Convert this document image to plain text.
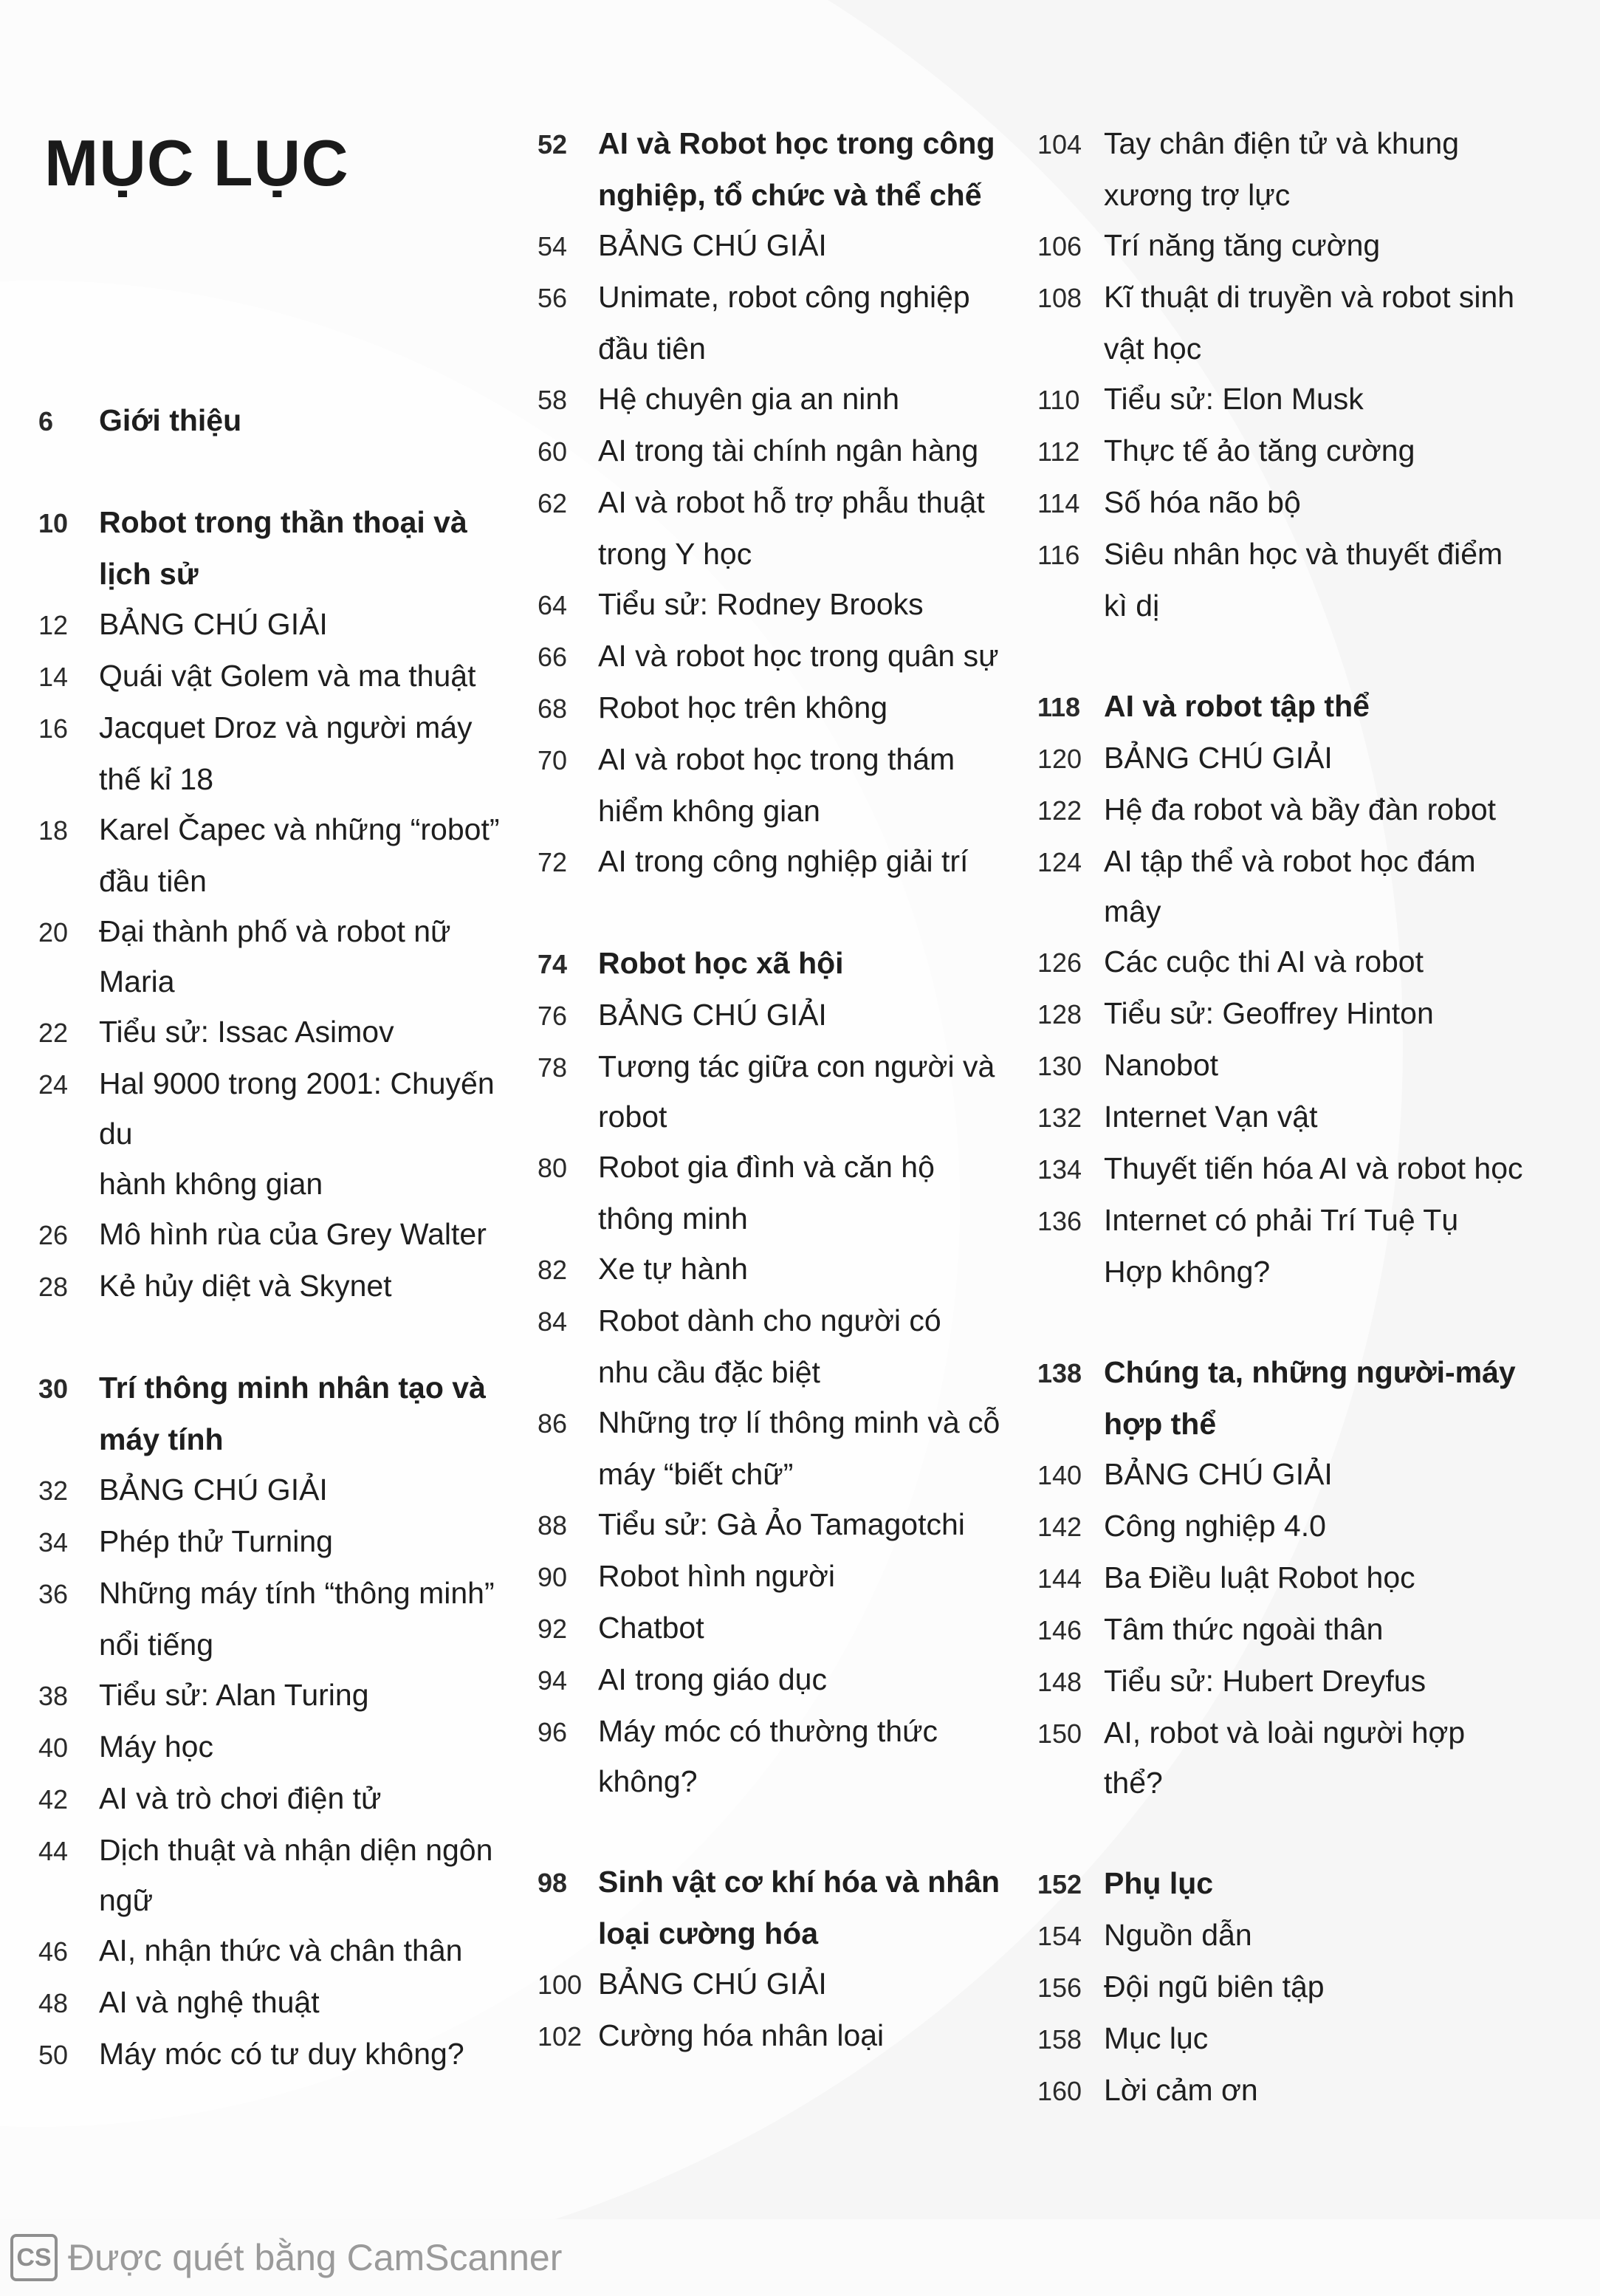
MỤC LỤC
6	Giới thiệu
10	Robot trong thần thoại và
lịch sử
12	BẢNG CHÚ GIẢI
14	Quái vật Golem và ma thuật
16	Jacquet Droz và người máy
thế kỉ 18
18	Karel Čapec và những “robot”
đầu tiên
20	Đại thành phố và robot nữ Maria
22	Tiểu sử: Issac Asimov
24	Hal 9000 trong 2001: Chuyến du
hành không gian
26	Mô hình rùa của Grey Walter
28	Kẻ hủy diệt và Skynet
30	Trí thông minh nhân tạo và
máy tính
32	BẢNG CHÚ GIẢI
34	Phép thử Turning
36	Những máy tính “thông minh”
nổi tiếng
38	Tiểu sử: Alan Turing
40	Máy học
42	AI và trò chơi điện tử
44	Dịch thuật và nhận diện ngôn ngữ
46	AI, nhận thức và chân thân
48	AI và nghệ thuật
50	Máy móc có tư duy không?
52	AI và Robot học trong công
nghiệp, tổ chức và thể chế
54	BẢNG CHÚ GIẢI
56	Unimate, robot công nghiệp
đầu tiên
58	Hệ chuyên gia an ninh
60	AI trong tài chính ngân hàng
62	AI và robot hỗ trợ phẫu thuật
trong Y học
64	Tiểu sử: Rodney Brooks
66	AI và robot học trong quân sự
68	Robot học trên không
70	AI và robot học trong thám
hiểm không gian
72	AI trong công nghiệp giải trí
74	Robot học xã hội
76	BẢNG CHÚ GIẢI
78	Tương tác giữa con người và robot
80	Robot gia đình và căn hộ
thông minh
82	Xe tự hành
84	Robot dành cho người có
nhu cầu đặc biệt
86	Những trợ lí thông minh và cỗ
máy “biết chữ”
88	Tiểu sử: Gà Ảo Tamagotchi
90	Robot hình người
92	Chatbot
94	AI trong giáo dục
96	Máy móc có thường thức không?
98	Sinh vật cơ khí hóa và nhân
loại cường hóa
100 BẢNG CHÚ GIẢI
102 Cường hóa nhân loại
104 Tay chân điện tử và khung
xương trợ lực
106 Trí năng tăng cường
108 Kĩ thuật di truyền và robot sinh
vật học
110 Tiểu sử: Elon Musk
112 Thực tế ảo tăng cường
114 Số hóa não bộ
116 Siêu nhân học và thuyết điểm
kì dị
118 AI và robot tập thể
120 BẢNG CHÚ GIẢI
122 Hệ đa robot và bầy đàn robot
124 AI tập thể và robot học đám mây
126 Các cuộc thi AI và robot
128 Tiểu sử: Geoffrey Hinton
130 Nanobot
132 Internet Vạn vật
134 Thuyết tiến hóa AI và robot học
136 Internet có phải Trí Tuệ Tụ
Hợp không?
138 Chúng ta, những người-máy
hợp thể
140 BẢNG CHÚ GIẢI
142 Công nghiệp 4.0
144 Ba Điều luật Robot học
146 Tâm thức ngoài thân
148 Tiểu sử: Hubert Dreyfus
150 AI, robot và loài người hợp thể?
152 Phụ lục
154 Nguồn dẫn
156 Đội ngũ biên tập
158 Mục lục
160 Lời cảm ơn
CS Được quét bằng CamScanner
